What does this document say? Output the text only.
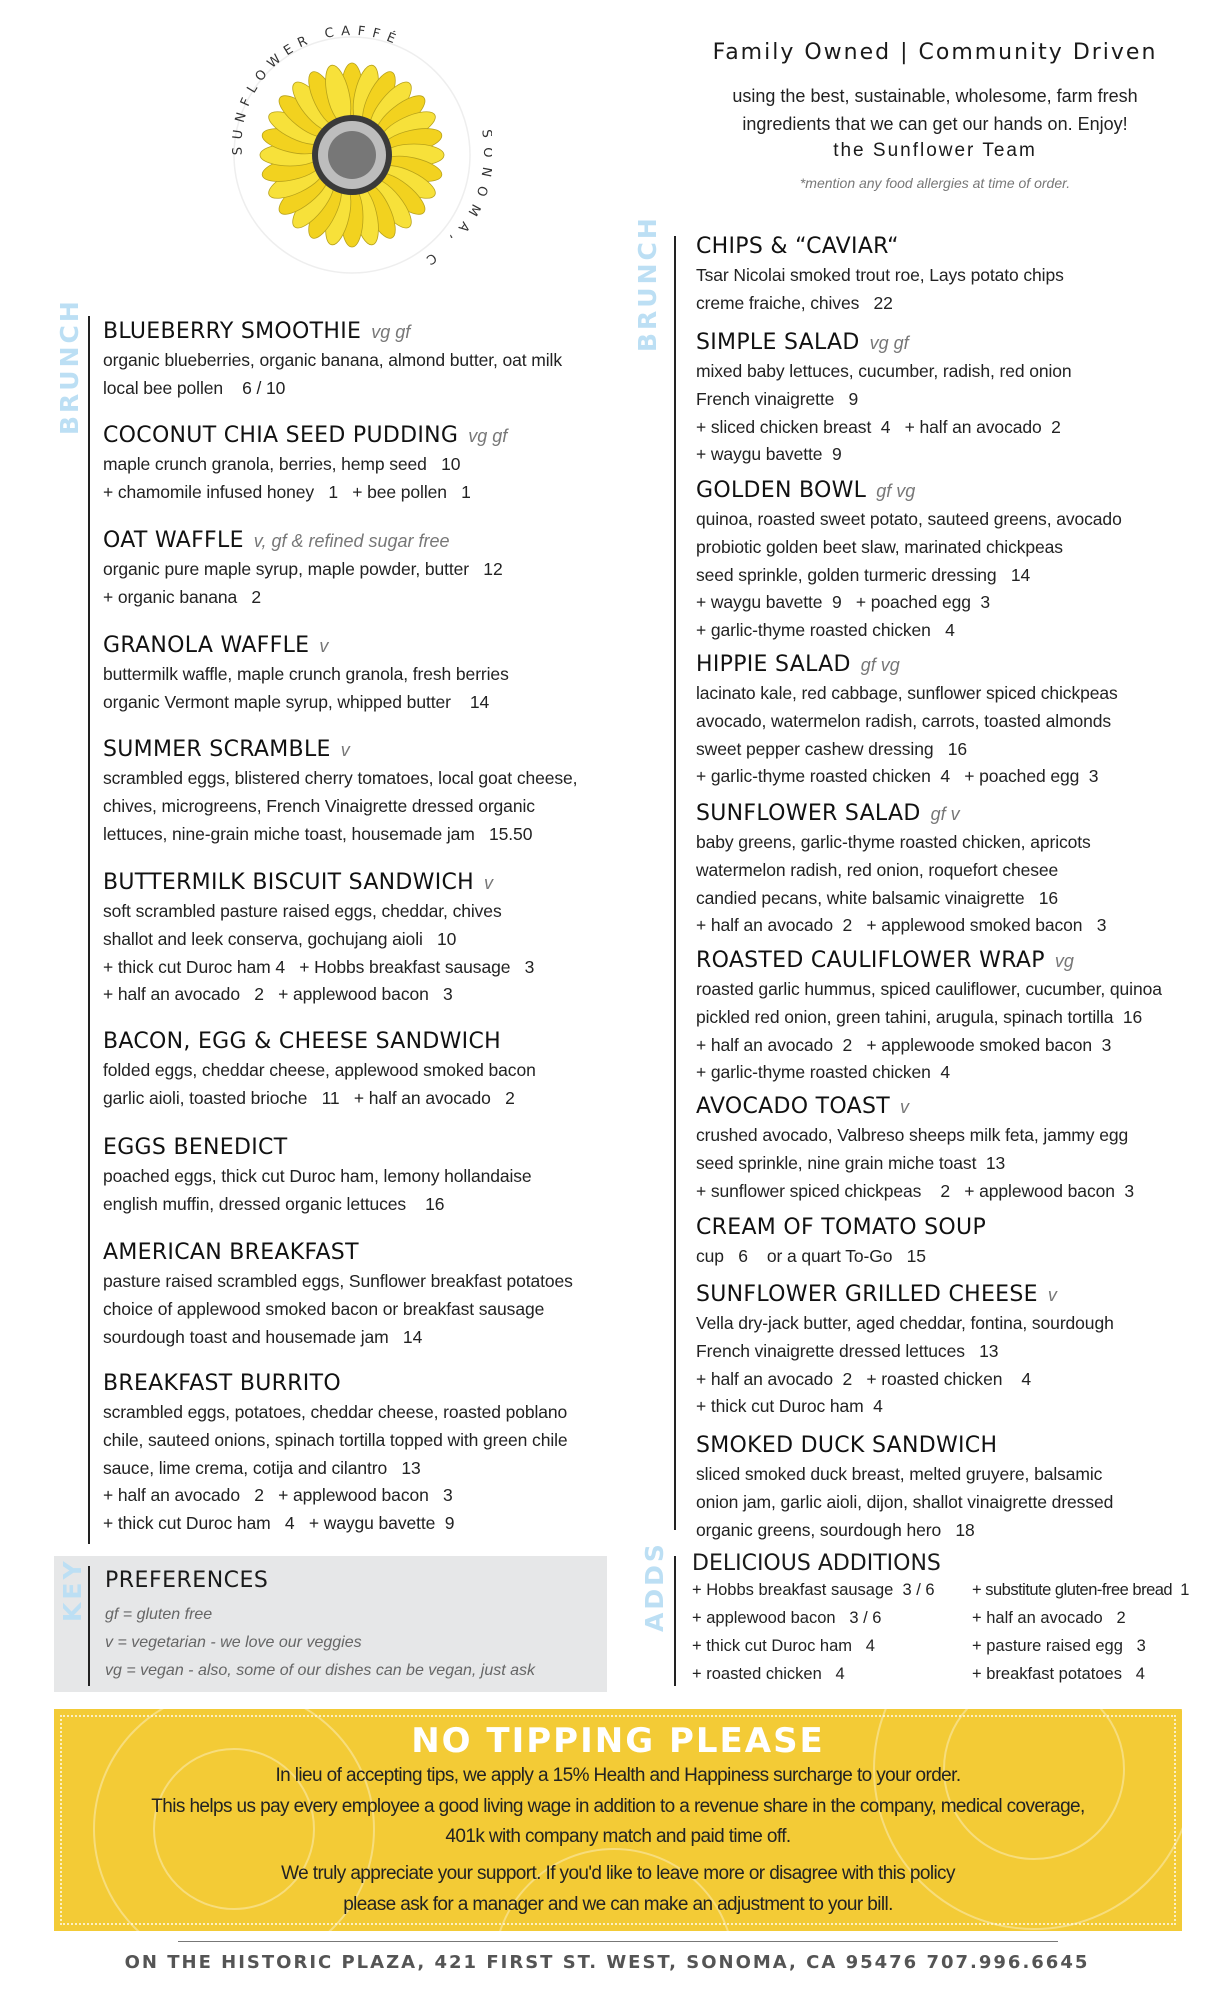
SUNFLOWER CAFFÉ
OMA, C
Family Owned | Community Driven
using the best, sustainable, wholesome, farm fresh
ingredients that we can get our hands on. Enjoy!
the Sunflower Team
*mention any food allergies at time of order.
BRUNCH BLUEBERRY SMOOTHIE vg gf
organic blueberries, organic banana, almond butter, oat milk
local bee pollen    6 / 10
COCONUT CHIA SEED PUDDING vg gf
maple crunch granola, berries, hemp seed   10
+ chamomile infused honey   1   + bee pollen   1
OAT WAFFLE v, gf & refined sugar free
organic pure maple syrup, maple powder, butter   12
+ organic banana   2
GRANOLA WAFFLE v
buttermilk waffle, maple crunch granola, fresh berries
organic Vermont maple syrup, whipped butter    14
SUMMER SCRAMBLE v
scrambled eggs, blistered cherry tomatoes, local goat cheese,
chives, microgreens, French Vinaigrette dressed organic
lettuces, nine-grain miche toast, housemade jam   15.50
BUTTERMILK BISCUIT SANDWICH v
soft scrambled pasture raised eggs, cheddar, chives
shallot and leek conserva, gochujang aioli   10
+ thick cut Duroc ham 4   + Hobbs breakfast sausage   3
+ half an avocado   2   + applewood bacon   3
BACON, EGG & CHEESE SANDWICH
folded eggs, cheddar cheese, applewood smoked bacon
garlic aioli, toasted brioche   11   + half an avocado   2
EGGS BENEDICT
poached eggs, thick cut Duroc ham, lemony hollandaise
english muffin, dressed organic lettuces    16
AMERICAN BREAKFAST
pasture raised scrambled eggs, Sunflower breakfast potatoes
choice of applewood smoked bacon or breakfast sausage
sourdough toast and housemade jam   14
BREAKFAST BURRITO
scrambled eggs, potatoes, cheddar cheese, roasted poblano
chile, sauteed onions, spinach tortilla topped with green chile
sauce, lime crema, cotija and cilantro   13
+ half an avocado   2   + applewood bacon   3
+ thick cut Duroc ham   4   + waygu bavette  9
BRUNCH CHIPS & “CAVIAR“
Tsar Nicolai smoked trout roe, Lays potato chips
creme fraiche, chives   22
SIMPLE SALAD vg gf
mixed baby lettuces, cucumber, radish, red onion
French vinaigrette   9
+ sliced chicken breast  4   + half an avocado  2
+ waygu bavette  9
GOLDEN BOWL gf vg
quinoa, roasted sweet potato, sauteed greens, avocado
probiotic golden beet slaw, marinated chickpeas
seed sprinkle, golden turmeric dressing   14
+ waygu bavette  9   + poached egg  3
+ garlic-thyme roasted chicken   4
HIPPIE SALAD gf vg
lacinato kale, red cabbage, sunflower spiced chickpeas
avocado, watermelon radish, carrots, toasted almonds
sweet pepper cashew dressing   16
+ garlic-thyme roasted chicken  4   + poached egg  3
SUNFLOWER SALAD gf v
baby greens, garlic-thyme roasted chicken, apricots
watermelon radish, red onion, roquefort chesee
candied pecans, white balsamic vinaigrette   16
+ half an avocado  2   + applewood smoked bacon   3
ROASTED CAULIFLOWER WRAP vg
roasted garlic hummus, spiced cauliflower, cucumber, quinoa
pickled red onion, green tahini, arugula, spinach tortilla  16
+ half an avocado  2   + applewoode smoked bacon  3
+ garlic-thyme roasted chicken  4
AVOCADO TOAST v
crushed avocado, Valbreso sheeps milk feta, jammy egg
seed sprinkle, nine grain miche toast  13
+ sunflower spiced chickpeas    2   + applewood bacon  3
CREAM OF TOMATO SOUP
cup   6    or a quart To-Go   15
SUNFLOWER GRILLED CHEESE v
Vella dry-jack butter, aged cheddar, fontina, sourdough
French vinaigrette dressed lettuces   13
+ half an avocado  2   + roasted chicken    4
+ thick cut Duroc ham  4
SMOKED DUCK SANDWICH
sliced smoked duck breast, melted gruyere, balsamic
onion jam, garlic aioli, dijon, shallot vinaigrette dressed
organic greens, sourdough hero   18
KEY PREFERENCES
gf = gluten free
v = vegetarian - we love our veggies
vg = vegan - also, some of our dishes can be vegan, just ask
ADDS DELICIOUS ADDITIONS
+ Hobbs breakfast sausage  3 / 6
+ applewood bacon   3 / 6
+ thick cut Duroc ham   4
+ roasted chicken   4
+ substitute gluten-free bread  1
+ half an avocado   2
+ pasture raised egg   3
+ breakfast potatoes   4
NO TIPPING PLEASE
In lieu of accepting tips, we apply a 15% Health and Happiness surcharge to your order.
This helps us pay every employee a good living wage in addition to a revenue share in the company, medical coverage,
401k with company match and paid time off.
We truly appreciate your support. If you'd like to leave more or disagree with this policy
please ask for a manager and we can make an adjustment to your bill.
ON THE HISTORIC PLAZA, 421 FIRST ST. WEST, SONOMA, CA 95476 707.996.6645
